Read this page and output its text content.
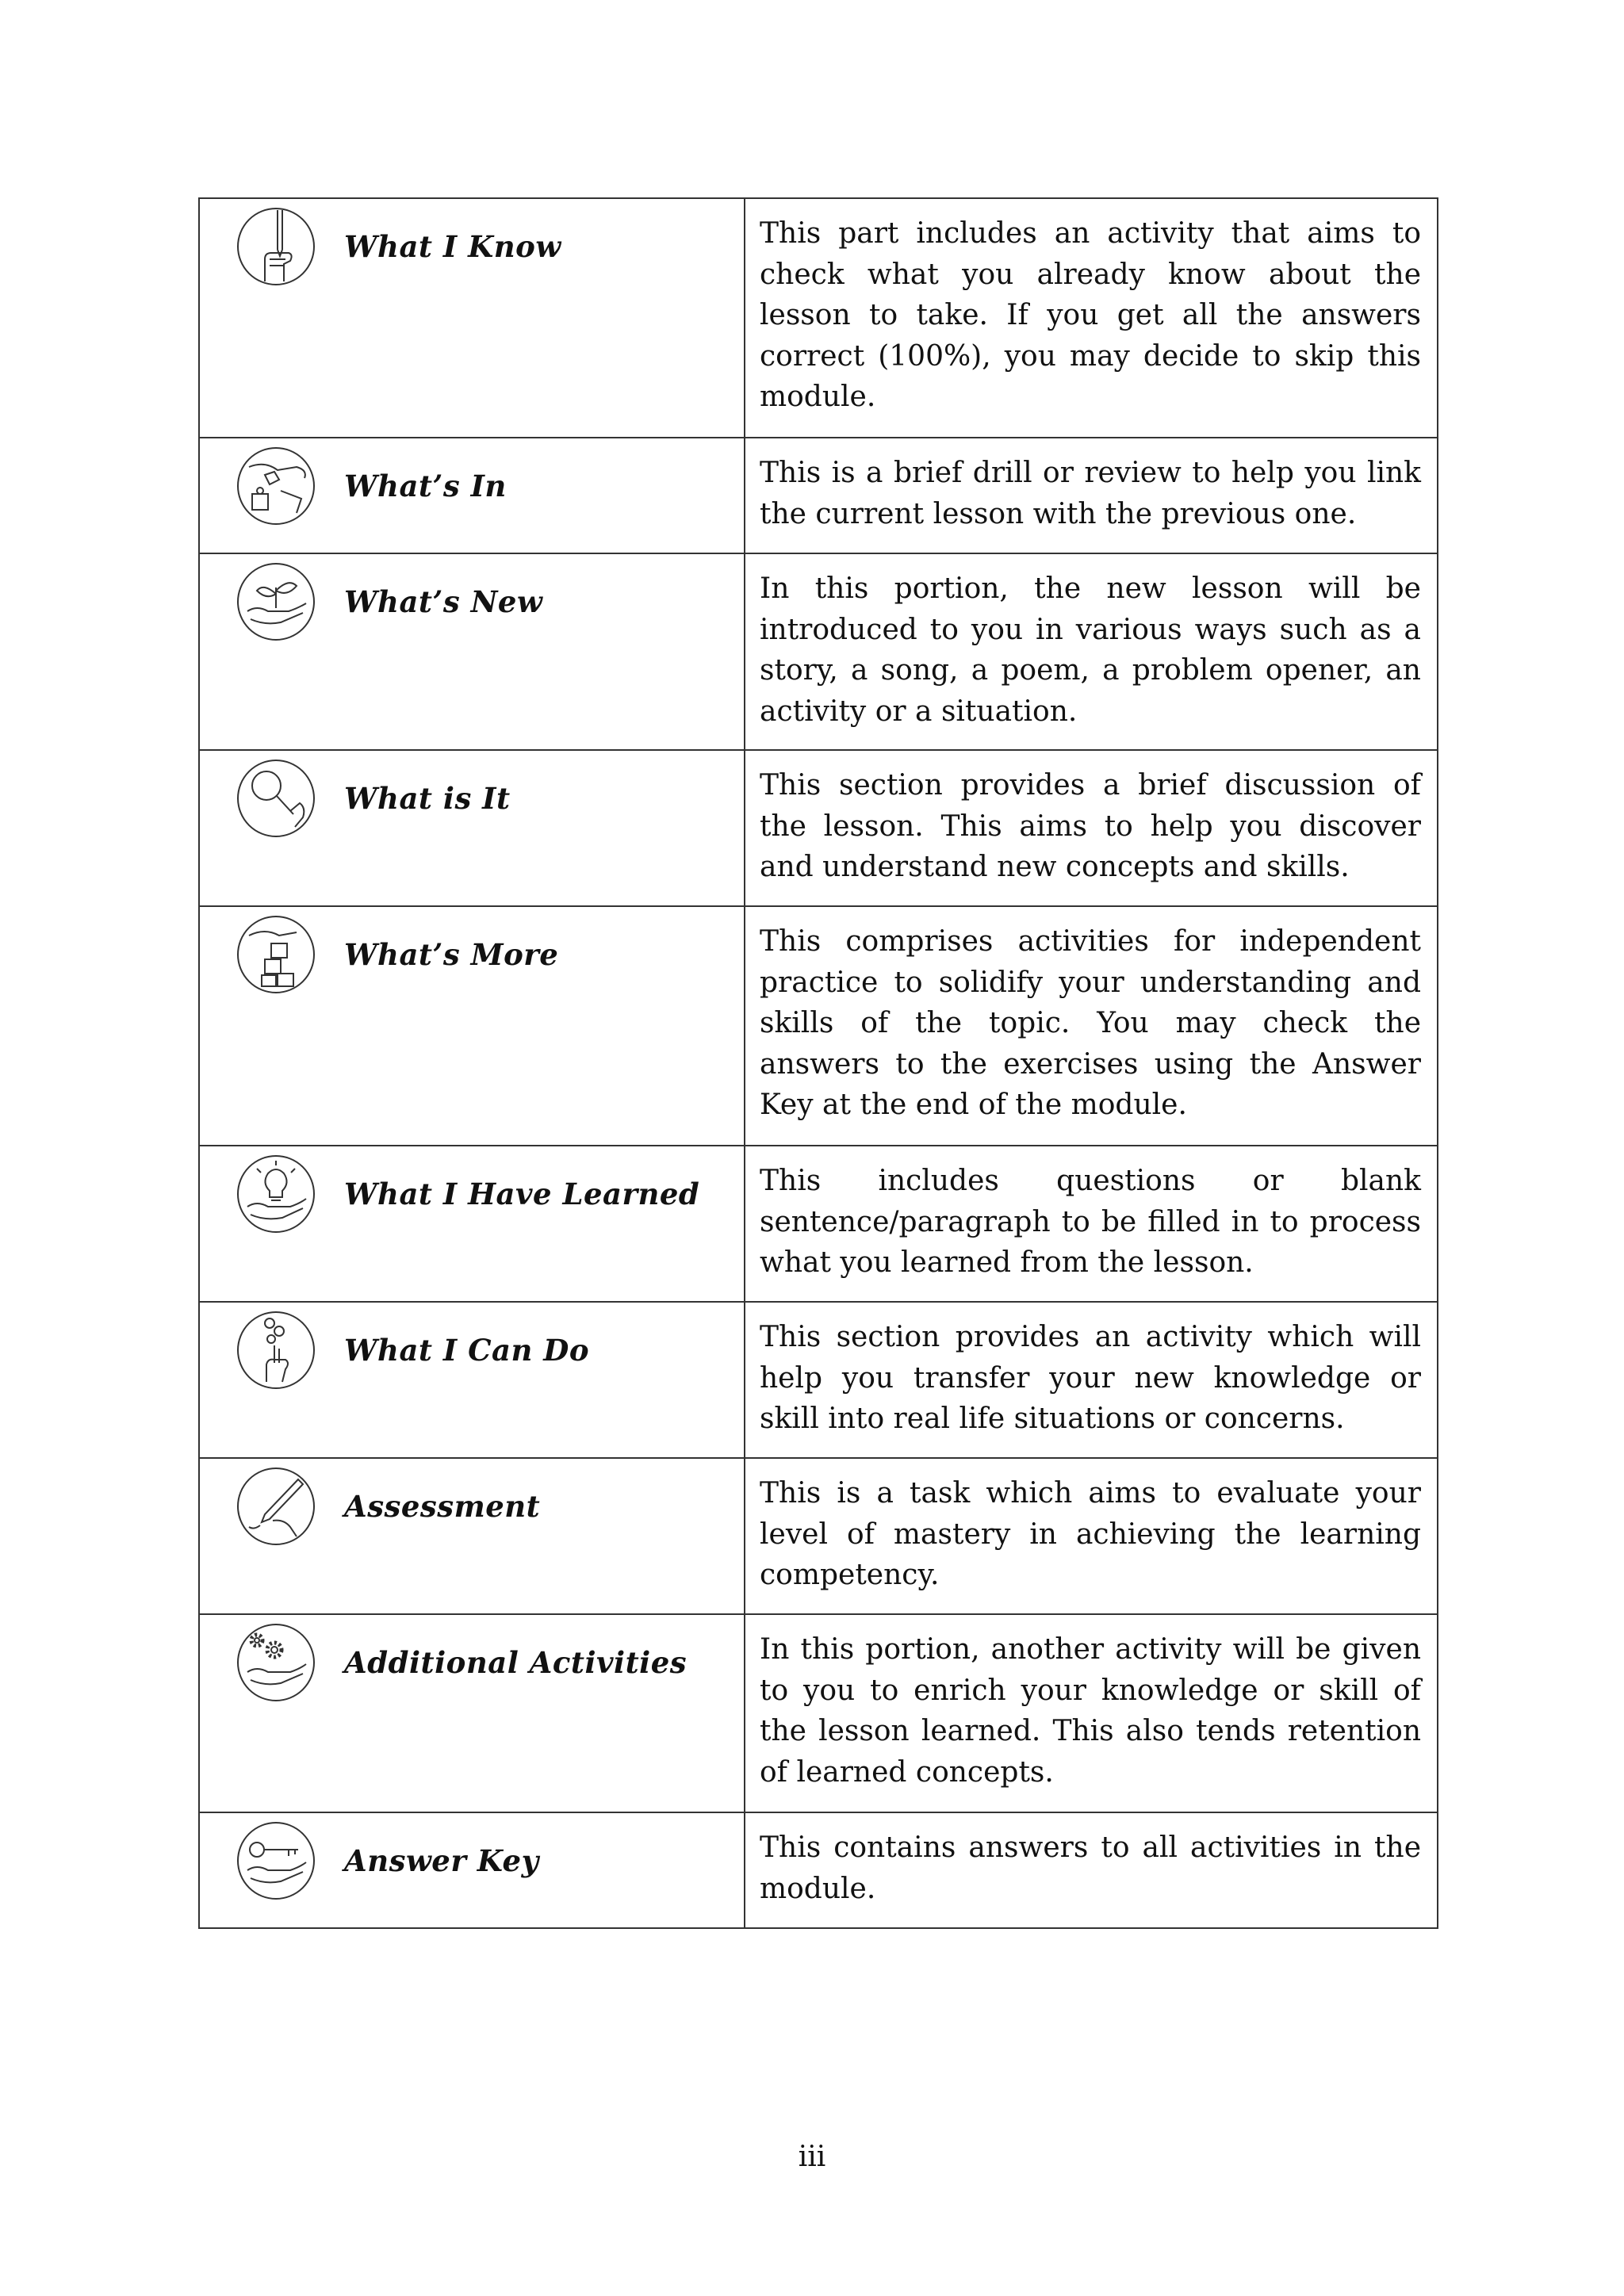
What I Know	This part includes an activity that aims to check what you already know about the lesson to take. If you get all the answers correct (100%), you may decide to skip this module.

What’s In	This is a brief drill or review to help you link the current lesson with the previous one.

What’s New	In this portion, the new lesson will be introduced to you in various ways such as a story, a song, a poem, a problem opener, an activity or a situation.

What is It	This section provides a brief discussion of the lesson. This aims to help you discover and understand new concepts and skills.

What’s More	This comprises activities for independent practice to solidify your understanding and skills of the topic. You may check the answers to the exercises using the Answer Key at the end of the module.

What I Have Learned	This includes questions or blank sentence/paragraph to be filled in to process what you learned from the lesson.

What I Can Do	This section provides an activity which will help you transfer your new knowledge or skill into real life situations or concerns.

Assessment	This is a task which aims to evaluate your level of mastery in achieving the learning competency.

Additional Activities	In this portion, another activity will be given to you to enrich your knowledge or skill of the lesson learned. This also tends retention of learned concepts.

Answer Key	This contains answers to all activities in the module.

iii
